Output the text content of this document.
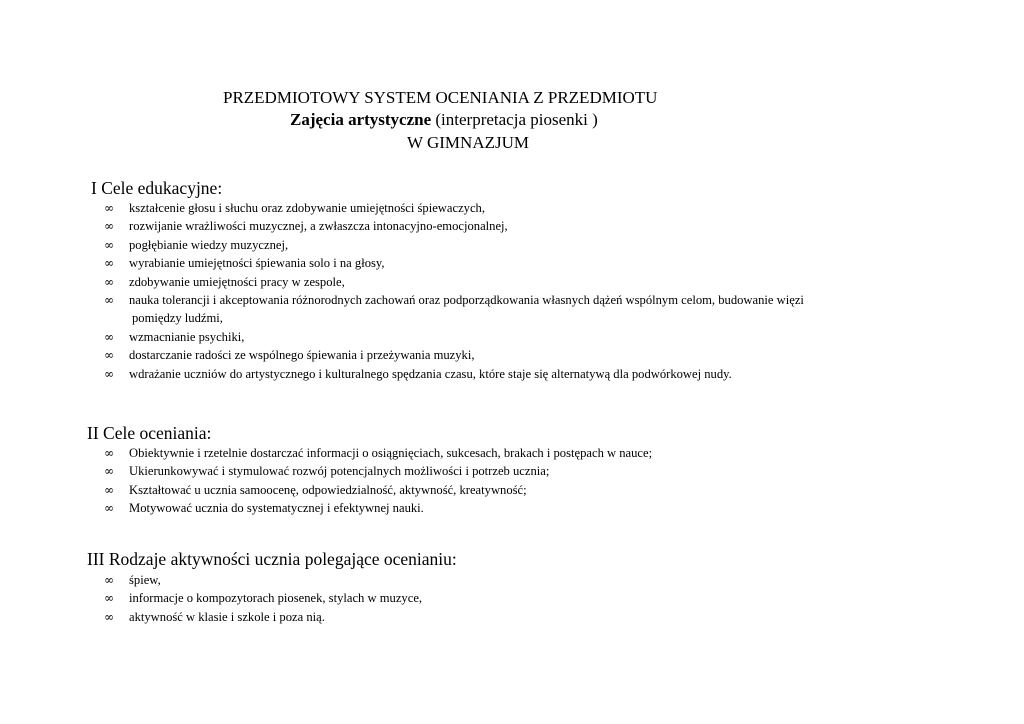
PRZEDMIOTOWY SYSTEM OCENIANIA Z PRZEDMIOTU
Zajęcia artystyczne (interpretacja piosenki )
W GIMNAZJUM
I Cele edukacyjne:
∞ kształcenie głosu i słuchu oraz zdobywanie umiejętności śpiewaczych,
∞ rozwijanie wrażliwości muzycznej, a zwłaszcza intonacyjno-emocjonalnej,
∞ pogłębianie wiedzy muzycznej,
∞ wyrabianie umiejętności śpiewania solo i na głosy,
∞ zdobywanie umiejętności pracy w zespole,
∞ nauka tolerancji i akceptowania różnorodnych zachowań oraz podporządkowania własnych dążeń wspólnym celom, budowanie więzi
pomiędzy ludźmi,
∞ wzmacnianie psychiki,
∞ dostarczanie radości ze wspólnego śpiewania i przeżywania muzyki,
∞ wdrażanie uczniów do artystycznego i kulturalnego spędzania czasu, które staje się alternatywą dla podwórkowej nudy.
II Cele oceniania:
∞ Obiektywnie i rzetelnie dostarczać informacji o osiągnięciach, sukcesach, brakach i postępach w nauce;
∞ Ukierunkowywać i stymulować rozwój potencjalnych możliwości i potrzeb ucznia;
∞ Kształtować u ucznia samoocenę, odpowiedzialność, aktywność, kreatywność;
∞ Motywować ucznia do systematycznej i efektywnej nauki.
III Rodzaje aktywności ucznia polegające ocenianiu:
∞ śpiew,
∞ informacje o kompozytorach piosenek, stylach w muzyce,
∞ aktywność w klasie i szkole i poza nią.
